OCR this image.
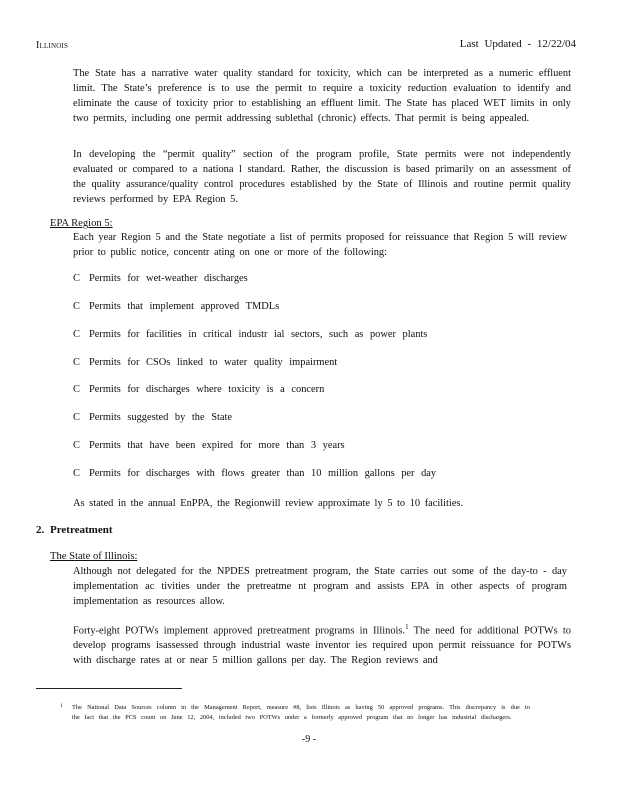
Illinois	Last Updated - 12/22/04
The State has a narrative water quality standard for toxicity, which can be interpreted as a numeric effluent limit. The State’s preference is to use the permit to require a toxicity reduction evaluation to identify and eliminate the cause of toxicity prior to establishing an effluent limit. The State has placed WET limits in only two permits, including one permit addressing sublethal (chronic) effects. That permit is being appealed.
In developing the “permit quality” section of the program profile, State permits were not independently evaluated or compared to a nationa l standard. Rather, the discussion is based primarily on an assessment of the quality assurance/quality control procedures established by the State of Illinois and routine permit quality reviews performed by EPA Region 5.
EPA Region 5:
Each year Region 5 and the State negotiate a list of permits proposed for reissuance that Region 5 will review prior to public notice, concentr ating on one or more of the following:
C Permits for wet-weather discharges
C Permits that implement approved TMDLs
C Permits for facilities in critical industr ial sectors, such as power plants
C Permits for CSOs linked to water quality impairment
C Permits for discharges where toxicity is a concern
C Permits suggested by the State
C Permits that have been expired for more than 3 years
C Permits for discharges with flows greater than 10 million gallons per day
As stated in the annual EnPPA, the Regionwill review approximate ly 5 to 10 facilities.
2. Pretreatment
The State of Illinois:
Although not delegated for the NPDES pretreatment program, the State carries out some of the day-to - day implementation ac tivities under the pretreatme nt program and assists EPA in other aspects of program implementation as resources allow.
Forty-eight POTWs implement approved pretreatment programs in Illinois.$^1$ The need for additional POTWs to develop programs isassessed through industrial waste inventor ies required upon permit reissuance for POTWs with discharge rates at or near 5 million gallons per day. The Region reviews and
1 The National Data Sources column in the Management Report, measure #8, lists Illinois as having 50 approved programs. This discrepancy is due to the fact that the PCS count on June 12, 2004, included two POTWs under a formerly approved program that no longer has industrial dischargers.
-9 -
